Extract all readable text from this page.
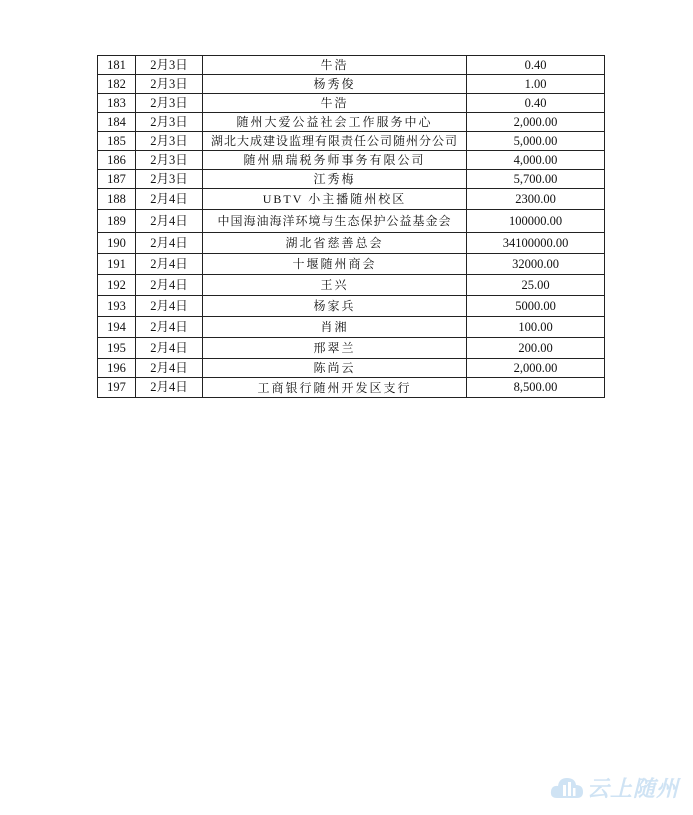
181	2月3日	牛浩	0.40
182	2月3日	杨秀俊	1.00
183	2月3日	牛浩	0.40
184	2月3日	随州大爱公益社会工作服务中心	2,000.00
185	2月3日	湖北大成建设监理有限责任公司随州分公司	5,000.00
186	2月3日	随州鼎瑞税务师事务有限公司	4,000.00
187	2月3日	江秀梅	5,700.00
188	2月4日	UBTV 小主播随州校区	2300.00
189	2月4日	中国海油海洋环境与生态保护公益基金会	100000.00
190	2月4日	湖北省慈善总会	34100000.00
191	2月4日	十堰随州商会	32000.00
192	2月4日	王兴	25.00
193	2月4日	杨家兵	5000.00
194	2月4日	肖湘	100.00
195	2月4日	邢翠兰	200.00
196	2月4日	陈尚云	2,000.00
197	2月4日	工商银行随州开发区支行	8,500.00
云上随州
